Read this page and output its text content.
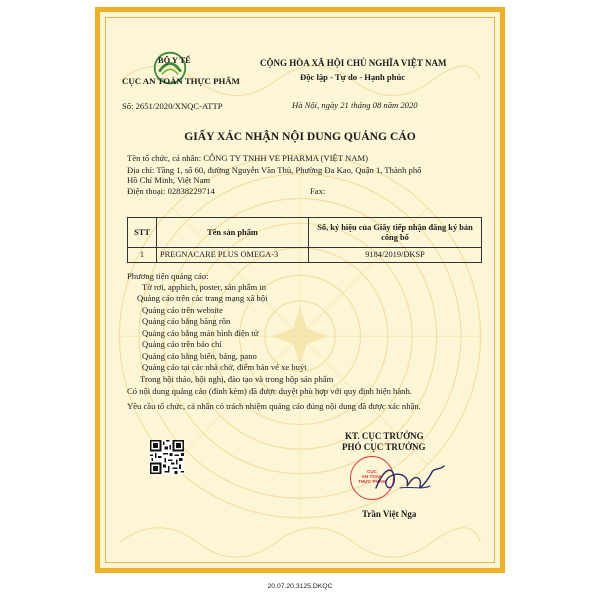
BỘ Y TẾ
CỤC AN TOÀN THỰC PHẨM
Số: 2651/2020/XNQC-ATTP
CỘNG HÒA XÃ HỘI CHỦ NGHĨA VIỆT NAM
Độc lập - Tự do - Hạnh phúc
Hà Nội, ngày 21 tháng 08 năm 2020
GIẤY XÁC NHẬN NỘI DUNG QUẢNG CÁO
Tên tổ chức, cá nhân: CÔNG TY TNHH VE PHARMA (VIỆT NAM)
Địa chỉ: Tầng 1, số 60, đường Nguyễn Văn Thủ, Phường Đa Kao, Quận 1, Thành phố
Hồ Chí Minh, Việt Nam
Điện thoại: 02838229714	Fax:
STT	Tên sản phẩm	Số, ký hiệu của Giấy tiếp nhận đăng ký bản công bố
1	PREGNACARE PLUS OMEGA-3	9184/2019/ĐKSP
Phương tiện quảng cáo:
Tờ rơi, apphich, poster, sản phẩm in
Quảng cáo trên các trang mạng xã hội
Quảng cáo trên website
Quảng cáo bằng băng rôn
Quảng cáo bằng màn hình điện tử
Quảng cáo trên báo chí
Quảng cáo bằng biển, bảng, pano
Quảng cáo tại các nhà chờ, điểm bán vé xe buýt
Trong hội thảo, hội nghị, đào tạo và trong hộp sản phẩm
Có nội dung quảng cáo (đính kèm) đã được duyệt phù hợp với quy định hiện hành.
Yêu cầu tổ chức, cá nhân có trách nhiệm quảng cáo đúng nội dung đã được xác nhận.
KT. CỤC TRƯỞNG
PHÓ CỤC TRƯỞNG
CỤC
AN TOÀN
THỰC PHẨM
Trần Việt Nga
20.07.20.3125.DKQC
